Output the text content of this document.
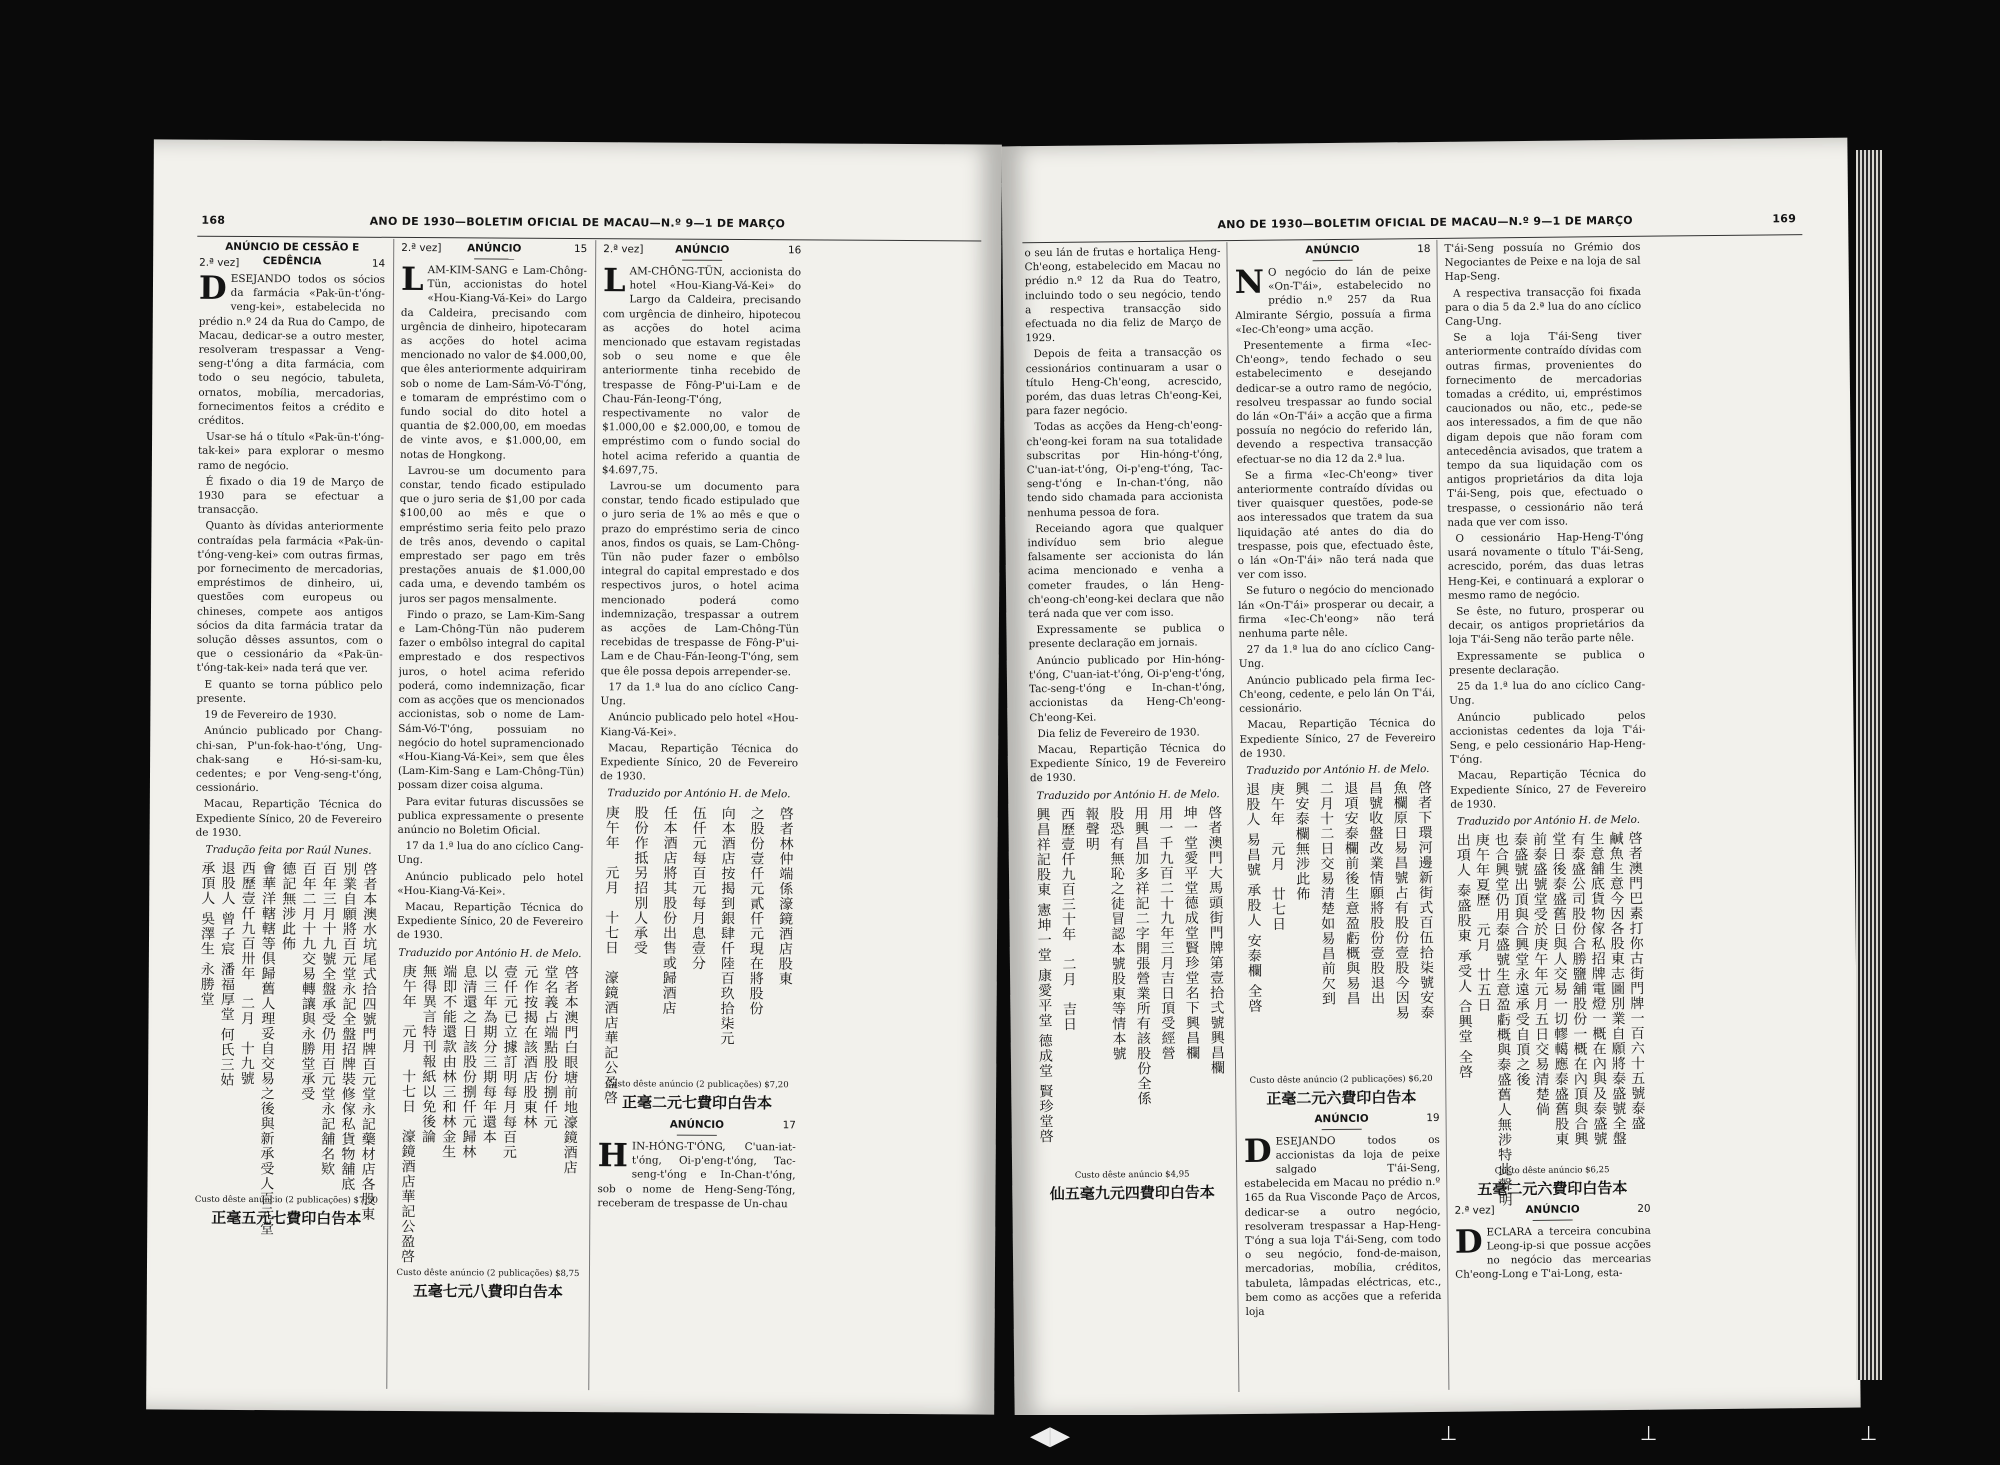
168	ANO DE 1930—BOLETIM OFICIAL DE MACAU—N.º 9—1 DE MARÇO
ANÚNCIO DE CESSÃO E CEDÊNCIA
2.ª vez]	14

DESEJANDO todos os sócios da farmácia «Pak-ün-t'óng-veng-kei», estabelecida no prédio n.º 24 da Rua do Campo, de Macau, dedicar-se a outro mester, resolveram trespassar a Veng-seng-t'óng a dita farmácia, com todo o seu negócio, tabuleta, ornatos, mobília, mercadorias, fornecimentos feitos a crédito e créditos.

Usar-se há o título «Pak-ün-t'óng-tak-kei» para explorar o mesmo ramo de negócio.

É fixado o dia 19 de Março de 1930 para se efectuar a transacção.

Quanto às dívidas anteriormente contraídas pela farmácia «Pak-ün-t'óng-veng-kei» com outras firmas, por fornecimento de mercadorias, empréstimos de dinheiro, ui, questões com europeus ou chineses, compete aos antigos sócios da dita farmácia tratar da solução dêsses assuntos, com o que o cessionário da «Pak-ün-t'óng-tak-kei» nada terá que ver.

E quanto se torna público pelo presente.

19 de Fevereiro de 1930.

Anúncio publicado por Chang-chi-san, P'un-fok-hao-t'óng, Ung-chak-sang e Hó-si-sam-ku, cedentes; e por Veng-seng-t'óng, cessionário.

Macau, Repartição Técnica do Expediente Sínico, 20 de Fevereiro de 1930.

Tradução feita por Raúl Nunes.
啓者本澳水坑尾式拾四號門牌百元堂永記藥材店各股東
別業自願將百元堂永記全盤招牌裝修傢私貨物舖底
百年三月十九號全盤承受仍用百元堂永記舖名欵
百年二月十九交易轉讓與永勝堂承受
德記無涉此佈
會華洋轄轄等俱歸舊人理妥自交易之後與新承受人百元堂
西歷壹仟九百卅年　二月　十九號
退股人 曾子宸 潘福厚堂 何氏三姑
承頂人 吳澤生 永勝堂
Custo dêste anúncio (2 publicações) $7,50
正毫五元七費印白告本
2.ª vez]	ANÚNCIO	15

LAM-KIM-SANG e Lam-Chông-Tün, accionistas do hotel «Hou-Kiang-Vá-Kei» do Largo da Caldeira, precisando com urgência de dinheiro, hipotecaram as acções do hotel acima mencionado no valor de $4.000,00, que êles anteriormente adquiriram sob o nome de Lam-Sám-Vó-T'óng, e tomaram de empréstimo com o fundo social do dito hotel a quantia de $2.000,00, em moedas de vinte avos, e $1.000,00, em notas de Hongkong.

Lavrou-se um documento para constar, tendo ficado estipulado que o juro seria de $1,00 por cada $100,00 ao mês e que o empréstimo seria feito pelo prazo de três anos, devendo o capital emprestado ser pago em três prestações anuais de $1.000,00 cada uma, e devendo também os juros ser pagos mensalmente.

Findo o prazo, se Lam-Kim-Sang e Lam-Chông-Tün não puderem fazer o embôlso integral do capital emprestado e dos respectivos juros, o hotel acima referido poderá, como indemnização, ficar com as acções que os mencionados accionistas, sob o nome de Lam-Sám-Vó-T'óng, possuiam no negócio do hotel supramencionado «Hou-Kiang-Vá-Kei», sem que êles (Lam-Kim-Sang e Lam-Chông-Tün) possam dizer coisa alguma.

Para evitar futuras discussões se publica expressamente o presente anúncio no Boletim Oficial.

17 da 1.ª lua do ano cíclico Cang-Ung.

Anúncio publicado pelo hotel «Hou-Kiang-Vá-Kei».

Macau, Repartição Técnica do Expediente Sínico, 20 de Fevereiro de 1930.

Traduzido por António H. de Melo.
啓者本澳門白眼塘前地濠鏡酒店
堂名義占端點股份捌仟元
元作按揭在該酒店股東林
壹仟元已立據訂明每月每百元
以三年為期分三期每年還本
息清還之日該股份捌仟元歸林
端即不能還款由林三和林金生
無得異言特刊報紙以免後論
庚午年　元月　十七日　濠鏡酒店華記公盈啓
Custo dêste anúncio (2 publicações) $8,75
五毫七元八費印白告本
2.ª vez]	ANÚNCIO	16

LAM-CHÔNG-TÜN, accionista do hotel «Hou-Kiang-Vá-Kei» do Largo da Caldeira, precisando com urgência de dinheiro, hipotecou as acções do hotel acima mencionado que estavam registadas sob o seu nome e que êle anteriormente tinha recebido de trespasse de Fông-P'ui-Lam e de Chau-Fán-Ieong-T'óng, respectivamente no valor de $1.000,00 e $2.000,00, e tomou de empréstimo com o fundo social do hotel acima referido a quantia de $4.697,75.

Lavrou-se um documento para constar, tendo ficado estipulado que o juro seria de 1% ao mês e que o prazo do empréstimo seria de cinco anos, findos os quais, se Lam-Chông-Tün não puder fazer o embôlso integral do capital emprestado e dos respectivos juros, o hotel acima mencionado poderá como indemnização, trespassar a outrem as acções de Lam-Chông-Tün recebidas de trespasse de Fông-P'ui-Lam e de Chau-Fán-Ieong-T'óng, sem que êle possa depois arrepender-se.

17 da 1.ª lua do ano cíclico Cang-Ung.

Anúncio publicado pelo hotel «Hou-Kiang-Vá-Kei».

Macau, Repartição Técnica do Expediente Sínico, 20 de Fevereiro de 1930.

Traduzido por António H. de Melo.
啓者林仲端係濠鏡酒店股東
之股份壹仟元貳仟元現在將股份
向本酒店按揭到銀肆仟陸百玖拾柒元
伍仟元每百元每月息壹分
任本酒店將其股份出售或歸酒店
股份作抵另招別人承受
庚午年　元月　十七日　濠鏡酒店華記公盈啓
Custo dêste anúncio (2 publicações) $7,20
正毫二元七費印白告本
ANÚNCIO	17

HIN-HÓNG-T'ÓNG, C'uan-iat-t'óng, Oi-p'eng-t'óng, Tac-seng-t'óng e In-Chan-t'óng, sob o nome de Heng-Seng-Tóng, receberam de trespasse de Un-chau

ANO DE 1930—BOLETIM OFICIAL DE MACAU—N.º 9—1 DE MARÇO	169

o seu lán de frutas e hortaliça Heng-Ch'eong, estabelecido em Macau no prédio n.º 12 da Rua do Teatro, incluindo todo o seu negócio, tendo a respectiva transacção sido efectuada no dia feliz de Março de 1929.

Depois de feita a transacção os cessionários continuaram a usar o título Heng-Ch'eong, acrescido, porém, das duas letras Ch'eong-Kei, para fazer negócio.

Todas as acções da Heng-ch'eong-ch'eong-kei foram na sua totalidade subscritas por Hin-hóng-t'óng, C'uan-iat-t'óng, Oi-p'eng-t'óng, Tac-seng-t'óng e In-chan-t'óng, não tendo sido chamada para accionista nenhuma pessoa de fora.

Receiando agora que qualquer indivíduo sem brio alegue falsamente ser accionista do lán acima mencionado e venha a cometer fraudes, o lán Heng-ch'eong-ch'eong-kei declara que não terá nada que ver com isso.

Expressamente se publica o presente declaração em jornais.

Anúncio publicado por Hin-hóng-t'óng, C'uan-iat-t'óng, Oi-p'eng-t'óng, Tac-seng-t'óng e In-chan-t'óng, accionistas da Heng-Ch'eong-Ch'eong-Kei.

Dia feliz de Fevereiro de 1930.

Macau, Repartição Técnica do Expediente Sínico, 19 de Fevereiro de 1930.

Traduzido por António H. de Melo.
啓者澳門大馬頭街門牌第壹拾弍號興昌欄
坤一堂愛平堂德成堂賢珍堂名下興昌欄
用一千九百二十九年三月吉日頂受經營
用興昌加多祥記二字開張營業所有該股份全係
股恐有無恥之徒冒認本號股東等情本號
報聲明
西歷壹仟九百三十年　二月　吉日
興昌祥記股東 憲坤一堂 康愛平堂 德成堂 賢珍堂啓
Custo dêste anúncio $4,95
仙五毫九元四費印白告本
ANÚNCIO	18

N O negócio do lán de peixe «On-T'ái», estabelecido no prédio n.º 257 da Rua Almirante Sérgio, possuía a firma «Iec-Ch'eong» uma acção.

Presentemente a firma «Iec-Ch'eong», tendo fechado o seu estabelecimento e desejando dedicar-se a outro ramo de negócio, resolveu trespassar ao fundo social do lán «On-T'ái» a acção que a firma possuía no negócio do referido lán, devendo a respectiva transacção efectuar-se no dia 12 da 2.ª lua.

Se a firma «Iec-Ch'eong» tiver anteriormente contraído dívidas ou tiver quaisquer questões, pode-se aos interessados que tratem da sua liquidação até antes do dia do trespasse, pois que, efectuado êste, o lán «On-T'ái» não terá nada que ver com isso.

Se futuro o negócio do mencionado lán «On-T'ái» prosperar ou decair, a firma «Iec-Ch'eong» não terá nenhuma parte nêle.

27 da 1.ª lua do ano cíclico Cang-Ung.

Anúncio publicado pela firma Iec-Ch'eong, cedente, e pelo lán On T'ái, cessionário.

Macau, Repartição Técnica do Expediente Sínico, 27 de Fevereiro de 1930.

Traduzido por António H. de Melo.
啓者下環河邊新街式百伍拾柒號安泰
魚欄原日易昌號占有股份壹股今因易
昌號收盤改業情願將股份壹股退出
退項安泰欄前後生意盈虧概與易昌
二月十二日交易清楚如易昌前欠到
興安泰欄無涉此佈
庚午年　元月　廿七日
退股人 易昌號 承股人 安泰欄 全啓
Custo dêste anúncio (2 publicações) $6,20
正毫二元六費印白告本
ANÚNCIO	19

DESEJANDO todos os accionistas da loja de peixe salgado T'ái-Seng, estabelecida em Macau no prédio n.º 165 da Rua Visconde Paço de Arcos, dedicar-se a outro negócio, resolveram trespassar a Hap-Heng-T'óng a sua loja T'ái-Seng, com todo o seu negócio, fond-de-maison, mercadorias, mobília, créditos, tabuleta, lâmpadas eléctricas, etc., bem como as acções que a referida loja

T'ái-Seng possuía no Grémio dos Negociantes de Peixe e na loja de sal Hap-Seng.

A respectiva transacção foi fixada para o dia 5 da 2.ª lua do ano cíclico Cang-Ung.

Se a loja T'ái-Seng tiver anteriormente contraído dívidas com outras firmas, provenientes do fornecimento de mercadorias tomadas a crédito, ui, empréstimos caucionados ou não, etc., pede-se aos interessados, a fim de que não digam depois que não foram com antecedência avisados, que tratem a tempo da sua liquidação com os antigos proprietários da dita loja T'ái-Seng, pois que, efectuado o trespasse, o cessionário não terá nada que ver com isso.

O cessionário Hap-Heng-T'óng usará novamente o título T'ái-Seng, acrescido, porém, das duas letras Heng-Kei, e continuará a explorar o mesmo ramo de negócio.

Se êste, no futuro, prosperar ou decair, os antigos proprietários da loja T'ái-Seng não terão parte nêle.

Expressamente se publica o presente declaração.

25 da 1.ª lua do ano cíclico Cang-Ung.

Anúncio publicado pelos accionistas cedentes da loja T'ái-Seng, e pelo cessionário Hap-Heng-T'óng.

Macau, Repartição Técnica do Expediente Sínico, 27 de Fevereiro de 1930.

Traduzido por António H. de Melo.
啓者澳門巴素打你古街門牌一百六十五號泰盛
鹹魚生意今因各股東志圖別業自願將泰盛號全盤
生意舖底貨物傢私招牌電燈一概在內與及泰盛號
有泰盛公司股份合勝鹽舖股份一概在內頂與合興
堂日後泰盛舊日與人交易一切轇轕應泰盛舊股東
前泰盛號堂受於庚午年元月五日交易清楚倘
泰盛號出頂與合興堂永遠承受自頂之後
也合興堂仍用泰盛號生意盈虧概與泰盛舊人無涉特此聲明
庚午年夏歷　元月　廿五日
出項人 泰盛股東 承受人 合興堂 全啓
Custo dêste anúncio $6,25
五毫二元六費印白告本
2.ª vez]	ANÚNCIO	20

DECLARA a terceira concubina Leong-ip-si que possue acções no negócio das mercearias Ch'eong-Long e T'ai-Long, esta-

◀▶	⊥	⊥	⊥
